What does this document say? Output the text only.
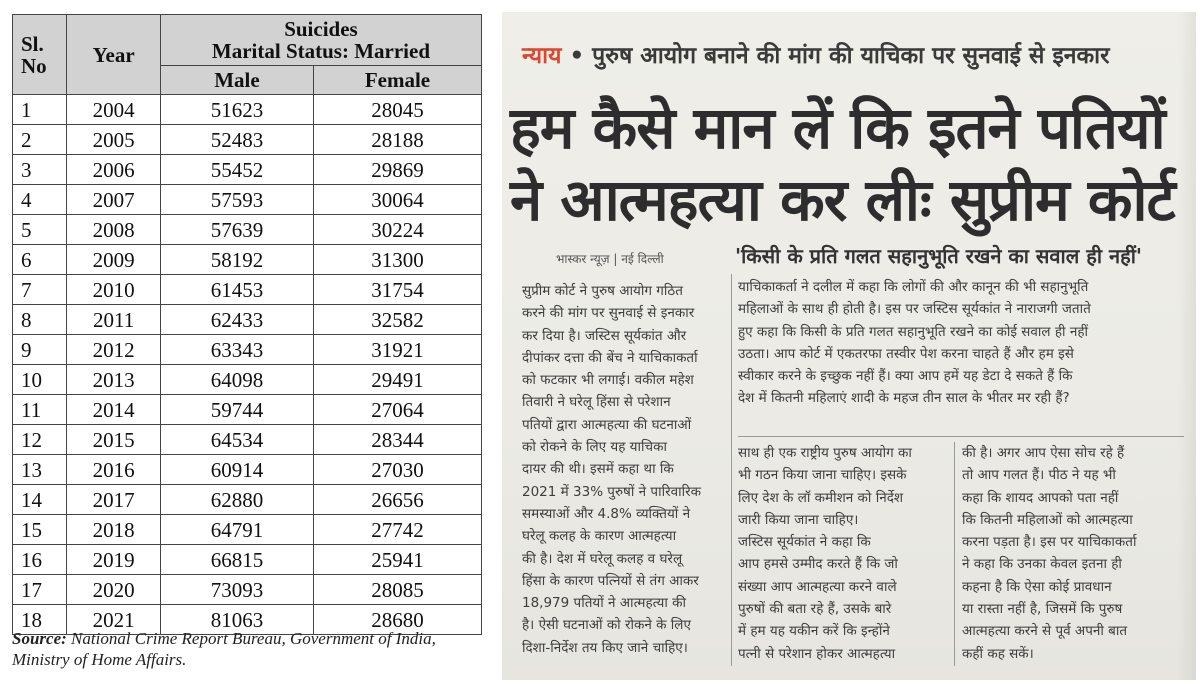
Sl. No	Year	Suicides
Marital Status: Married	

		Male	Female
1	2004	51623	28045
2	2005	52483	28188
3	2006	55452	29869
4	2007	57593	30064
5	2008	57639	30224
6	2009	58192	31300
7	2010	61453	31754
8	2011	62433	32582
9	2012	63343	31921
10	2013	64098	29491
11	2014	59744	27064
12	2015	64534	28344
13	2016	60914	27030
14	2017	62880	26656
15	2018	64791	27742
16	2019	66815	25941
17	2020	73093	28085
18	2021	81063	28680
Source: National Crime Report Bureau, Government of India, Ministry of Home Affairs.
न्याय • पुरुष आयोग बनाने की मांग की याचिका पर सुनवाई से इनकार
हम कैसे मान लें कि इतने पतियों
ने आत्महत्या कर लीः सुप्रीम कोर्ट
भास्कर न्यूज़ | नई दिल्ली	'किसी के प्रति गलत सहानुभूति रखने का सवाल ही नहीं'
सुप्रीम कोर्ट ने पुरुष आयोग गठित
करने की मांग पर सुनवाई से इनकार
कर दिया है। जस्टिस सूर्यकांत और
दीपांकर दत्ता की बेंच ने याचिकाकर्ता
को फटकार भी लगाई। वकील महेश
तिवारी ने घरेलू हिंसा से परेशान
पतियों द्वारा आत्महत्या की घटनाओं
को रोकने के लिए यह याचिका
दायर की थी। इसमें कहा था कि
2021 में 33% पुरुषों ने पारिवारिक
समस्याओं और 4.8% व्यक्तियों ने
घरेलू कलह के कारण आत्महत्या
की है। देश में घरेलू कलह व घरेलू
हिंसा के कारण पत्नियों से तंग आकर
18,979 पतियों ने आत्महत्या की
है। ऐसी घटनाओं को रोकने के लिए
दिशा-निर्देश तय किए जाने चाहिए।
याचिकाकर्ता ने दलील में कहा कि लोगों की और कानून की भी सहानुभूति
महिलाओं के साथ ही होती है। इस पर जस्टिस सूर्यकांत ने नाराजगी जताते
हुए कहा कि किसी के प्रति गलत सहानुभूति रखने का कोई सवाल ही नहीं
उठता। आप कोर्ट में एकतरफा तस्वीर पेश करना चाहते हैं और हम इसे
स्वीकार करने के इच्छुक नहीं हैं। क्या आप हमें यह डेटा दे सकते हैं कि
देश में कितनी महिलाएं शादी के महज तीन साल के भीतर मर रही हैं?
साथ ही एक राष्ट्रीय पुरुष आयोग का
भी गठन किया जाना चाहिए। इसके
लिए देश के लॉ कमीशन को निर्देश
जारी किया जाना चाहिए।
जस्टिस सूर्यकांत ने कहा कि
आप हमसे उम्मीद करते हैं कि जो
संख्या आप आत्महत्या करने वाले
पुरुषों की बता रहे हैं, उसके बारे
में हम यह यकीन करें कि इन्होंने
पत्नी से परेशान होकर आत्महत्या
की है। अगर आप ऐसा सोच रहे हैं
तो आप गलत हैं। पीठ ने यह भी
कहा कि शायद आपको पता नहीं
कि कितनी महिलाओं को आत्महत्या
करना पड़ता है। इस पर याचिकाकर्ता
ने कहा कि उनका केवल इतना ही
कहना है कि ऐसा कोई प्रावधान
या रास्ता नहीं है, जिसमें कि पुरुष
आत्महत्या करने से पूर्व अपनी बात
कहीं कह सकें।
